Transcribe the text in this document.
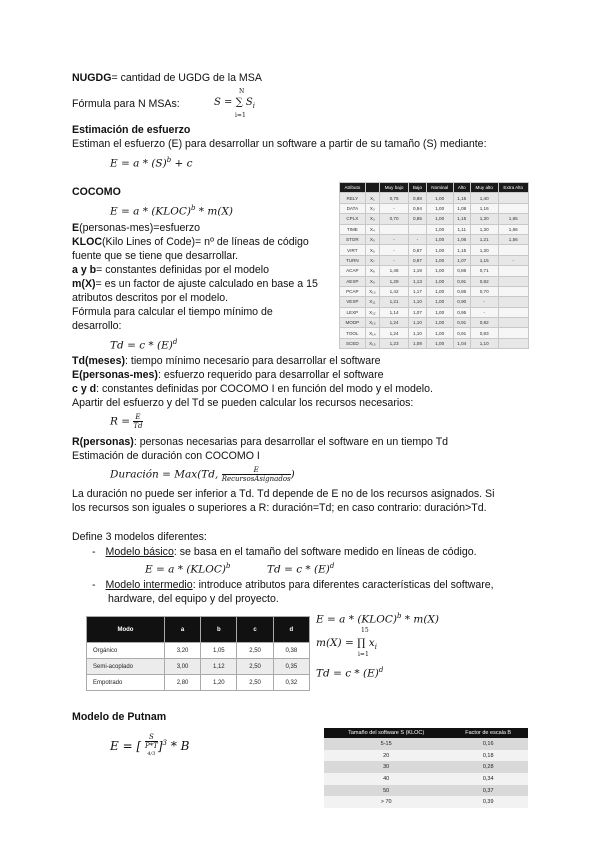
NUGDG= cantidad de UGDG de la MSA
Fórmula para N MSAs:	S = ∑ $S_i$
N
i=1
Estimación de esfuerzo
Estiman el esfuerzo (E) para desarrollar un software a partir de su tamaño (S) mediante:
$E = a * (S)^b + c$
COCOMO
E = a * (KLOC)$^b$ * m(X)
E(personas-mes)=esfuerzo
KLOC(Kilo Lines of Code)= nº de líneas de código
fuente que se tiene que desarrollar.
a y b= constantes definidas por el modelo
m(X)= es un factor de ajuste calculado en base a 15
atributos descritos por el modelo.
Fórmula para calcular el tiempo mínimo de
desarrollo:
$Td = c * (E)^d$
Td(meses): tiempo mínimo necesario para desarrollar el software
E(personas-mes): esfuerzo requerido para desarrollar el software
c y d: constantes definidas por COCOMO I en función del modo y el modelo.
Apartir del esfuerzo y del Td se pueden calcular los recursos necesarios:
$R = \frac{E}{Td}$
R(personas): personas necesarias para desarrollar el software en un tiempo Td
Estimación de duración con COCOMO I
Duración = Max(Td, $\frac{E}{\text{RecursosAsignados}}$ )
La duración no puede ser inferior a Td. Td depende de E no de los recursos asignados. Si
los recursos son iguales o superiores a R: duración=Td; en caso contrario: duración>Td.
Atributo		Muy bajo	Bajo	Nominal	Alto	Muy alto	Extra Alto
RELY	X₁	0,75	0,88	1,00	1,15	1,40	
DATA	X₂	-	0,94	1,00	1,08	1,16	
CPLX	X₃	0,70	0,85	1,00	1,15	1,30	1,65
TIME	X₄			1,00	1,11	1,30	1,66
STOR	X₅	-	-	1,00	1,06	1,21	1,56
VIRT	X₆	-	0,87	1,00	1,15	1,30	
TURN	X₇	-	0,87	1,00	1,07	1,15	-
ACAP	X₈	1,46	1,19	1,00	0,86	0,71	
AEXP	X₉	1,29	1,13	1,00	0,91	0,82	
PCAP	X₁₀	1,42	1,17	1,00	0,86	0,70	
VEXP	X₁₁	1,21	1,10	1,00	0,90	-	
LEXP	X₁₂	1,14	1,07	1,00	0,95	-	
MODP	X₁₃	1,24	1,10	1,00	0,91	0,82	
TOOL	X₁₄	1,24	1,10	1,00	0,91	0,83	
SCED	X₁₅	1,23	1,08	1,00	1,04	1,10	
Define 3 modelos diferentes:
- Modelo básico: se basa en el tamaño del software medido en líneas de código.
E = a * (KLOC)$^b$	$Td = c * (E)^d$
- Modelo intermedio: introduce atributos para diferentes características del software,
hardware, del equipo y del proyecto.
Modo	a	b	c	d
Orgánico	3,20	1,05	2,50	0,38
Semi-acoplado	3,00	1,12	2,50	0,35
Empotrado	2,80	1,20	2,50	0,32
E = a * (KLOC)$^b$ * m(X)
15
m(X) = ∏ $x_i$
i=1
$Td = c * (E)^d$
Modelo de Putnam
E = [ S
P*T
$^{4/3}$ ]$^3$ * B
Tamaño del software S (KLOC)	Factor de escala B
5-15	0,16
20	0,18
30	0,28
40	0,34
50	0,37
> 70	0,39
